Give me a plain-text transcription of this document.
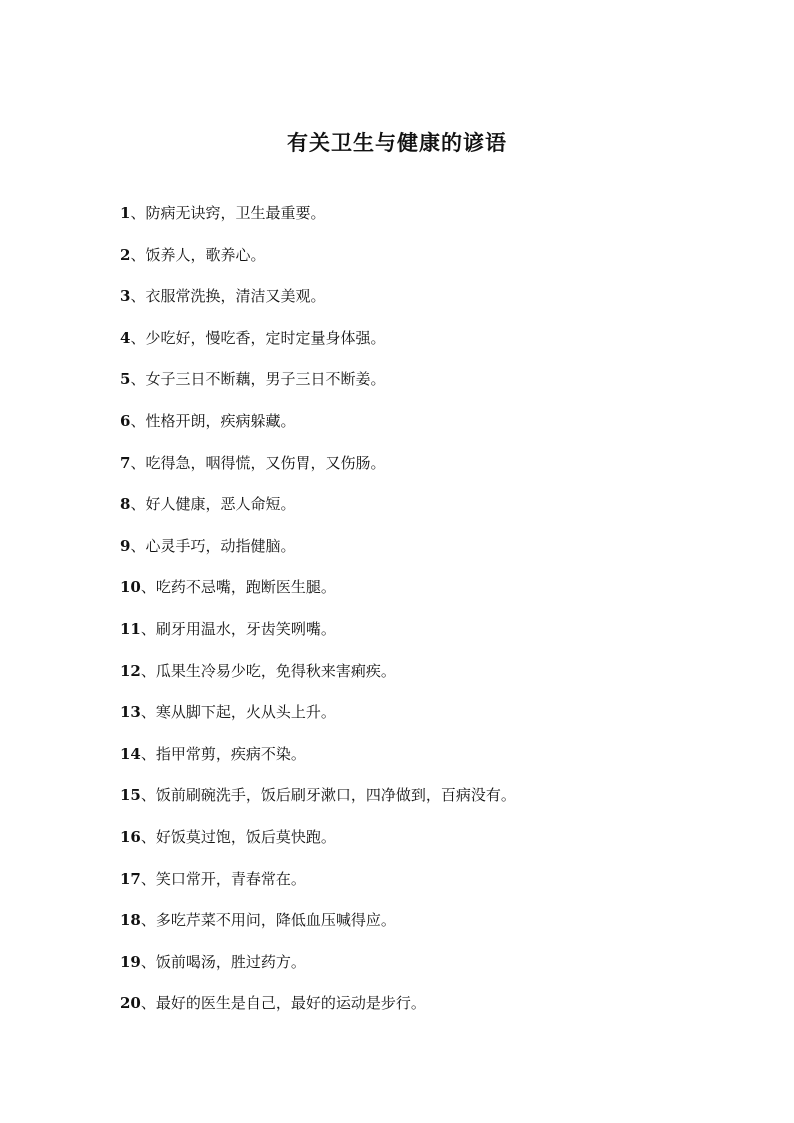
有关卫生与健康的谚语
1、防病无诀窍，卫生最重要。
2、饭养人，歌养心。
3、衣服常洗换，清洁又美观。
4、少吃好，慢吃香，定时定量身体强。
5、女子三日不断藕，男子三日不断姜。
6、性格开朗，疾病躲藏。
7、吃得急，咽得慌，又伤胃，又伤肠。
8、好人健康，恶人命短。
9、心灵手巧，动指健脑。
10、吃药不忌嘴，跑断医生腿。
11、刷牙用温水，牙齿笑咧嘴。
12、瓜果生冷易少吃，免得秋来害痢疾。
13、寒从脚下起，火从头上升。
14、指甲常剪，疾病不染。
15、饭前刷碗洗手，饭后刷牙漱口，四净做到，百病没有。
16、好饭莫过饱，饭后莫快跑。
17、笑口常开，青春常在。
18、多吃芹菜不用问，降低血压喊得应。
19、饭前喝汤，胜过药方。
20、最好的医生是自己，最好的运动是步行。
